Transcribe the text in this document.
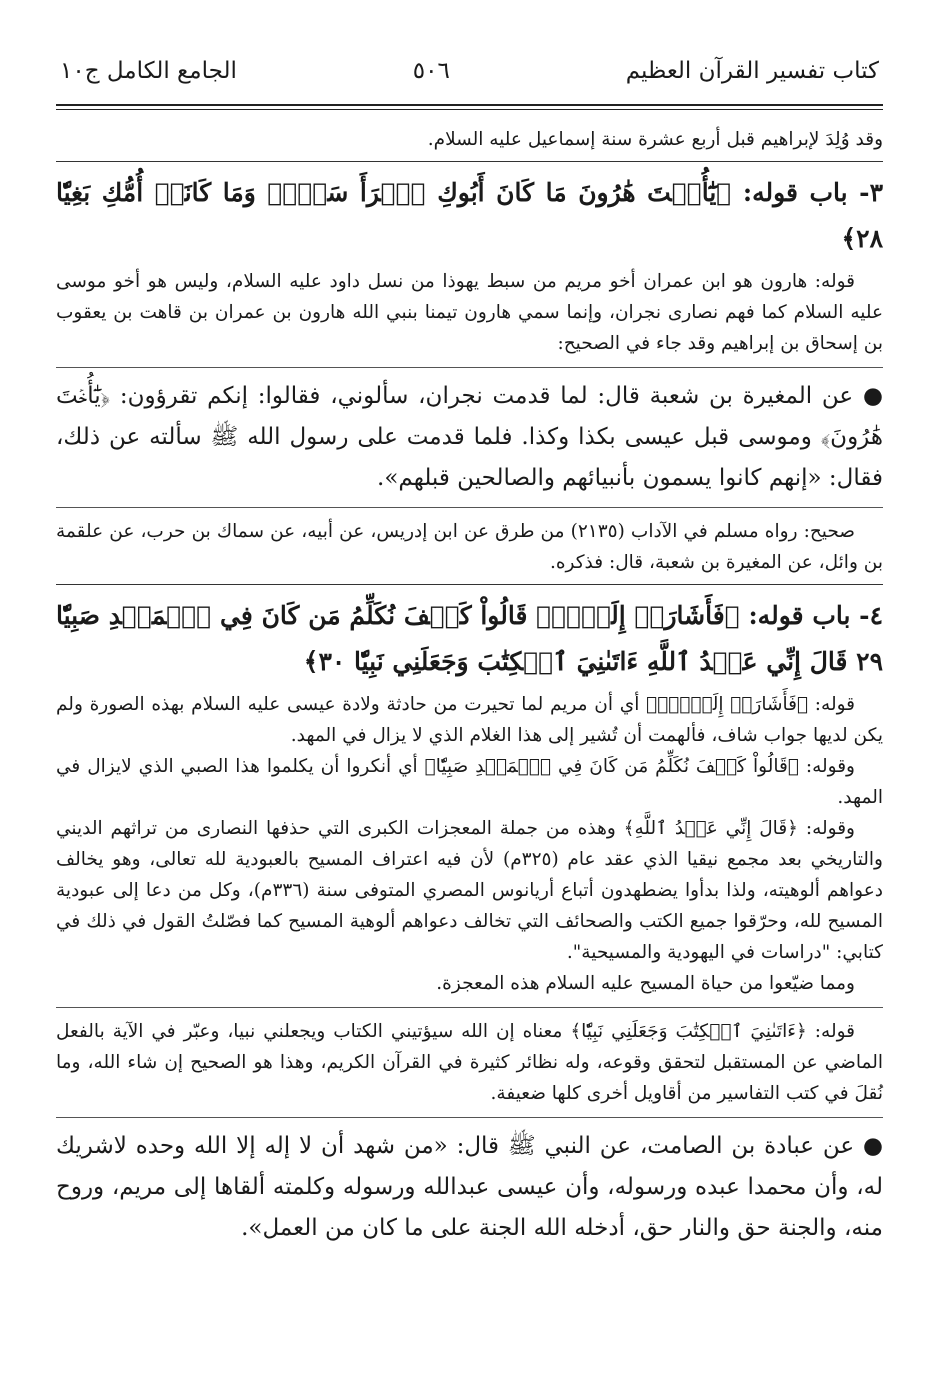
كتاب تفسير القرآن العظيم
٥٠٦
الجامع الكامل ج١٠

وقد وُلِدَ لإبراهيم قبل أربع عشرة سنة إسماعيل عليه السلام.

٣- باب قوله: ﴿يَٰٓأُخۡتَ هَٰرُونَ مَا كَانَ أَبُوكِ ٱمۡرَأَ سَوۡءٖ وَمَا كَانَتۡ أُمُّكِ بَغِيّٗا ٢٨﴾

قوله: هارون هو ابن عمران أخو مريم من سبط يهوذا من نسل داود عليه السلام، وليس هو أخو موسى عليه السلام كما فهم نصارى نجران، وإنما سمي هارون تيمنا بنبي الله هارون بن عمران بن قاهت بن يعقوب بن إسحاق بن إبراهيم وقد جاء في الصحيح:

● عن المغيرة بن شعبة قال: لما قدمت نجران، سألوني، فقالوا: إنكم تقرؤون: ﴿يَٰٓأُخۡتَ هَٰرُونَ﴾ وموسى قبل عيسى بكذا وكذا. فلما قدمت على رسول الله ﷺ سألته عن ذلك، فقال: «إنهم كانوا يسمون بأنبيائهم والصالحين قبلهم».

صحيح: رواه مسلم في الآداب (٢١٣٥) من طرق عن ابن إدريس، عن أبيه، عن سماك بن حرب، عن علقمة بن وائل، عن المغيرة بن شعبة، قال: فذكره.

٤- باب قوله: ﴿فَأَشَارَتۡ إِلَيۡهِۖ قَالُواْ كَيۡفَ نُكَلِّمُ مَن كَانَ فِي ٱلۡمَهۡدِ صَبِيّٗا ٢٩ قَالَ إِنِّي عَبۡدُ ٱللَّهِ ءَاتَىٰنِيَ ٱلۡكِتَٰبَ وَجَعَلَنِي نَبِيّٗا ٣٠﴾

قوله: ﴿فَأَشَارَتۡ إِلَيۡهِۖ﴾ أي أن مريم لما تحيرت من حادثة ولادة عيسى عليه السلام بهذه الصورة ولم يكن لديها جواب شاف، فألهمت أن تُشير إلى هذا الغلام الذي لا يزال في المهد.

وقوله: ﴿قَالُواْ كَيۡفَ نُكَلِّمُ مَن كَانَ فِي ٱلۡمَهۡدِ صَبِيّٗا﴾ أي أنكروا أن يكلموا هذا الصبي الذي لايزال في المهد.

وقوله: ﴿قَالَ إِنِّي عَبۡدُ ٱللَّهِ﴾ وهذه من جملة المعجزات الكبرى التي حذفها النصارى من تراثهم الديني والتاريخي بعد مجمع نيقيا الذي عقد عام (٣٢٥م) لأن فيه اعتراف المسيح بالعبودية لله تعالى، وهو يخالف دعواهم ألوهيته، ولذا بدأوا يضطهدون أتباع أريانوس المصري المتوفى سنة (٣٣٦م)، وكل من دعا إلى عبودية المسيح لله، وحرّقوا جميع الكتب والصحائف التي تخالف دعواهم ألوهية المسيح كما فصّلتُ القول في ذلك في كتابي: "دراسات في اليهودية والمسيحية".

ومما ضيّعوا من حياة المسيح عليه السلام هذه المعجزة.

قوله: ﴿ءَاتَىٰنِيَ ٱلۡكِتَٰبَ وَجَعَلَنِي نَبِيّٗا﴾ معناه إن الله سيؤتيني الكتاب ويجعلني نبيا، وعبّر في الآية بالفعل الماضي عن المستقبل لتحقق وقوعه، وله نظائر كثيرة في القرآن الكريم، وهذا هو الصحيح إن شاء الله، وما نُقلَ في كتب التفاسير من أقاويل أخرى كلها ضعيفة.

● عن عبادة بن الصامت، عن النبي ﷺ قال: «من شهد أن لا إله إلا الله وحده لاشريك له، وأن محمدا عبده ورسوله، وأن عيسى عبدالله ورسوله وكلمته ألقاها إلى مريم، وروح منه، والجنة حق والنار حق، أدخله الله الجنة على ما كان من العمل».
